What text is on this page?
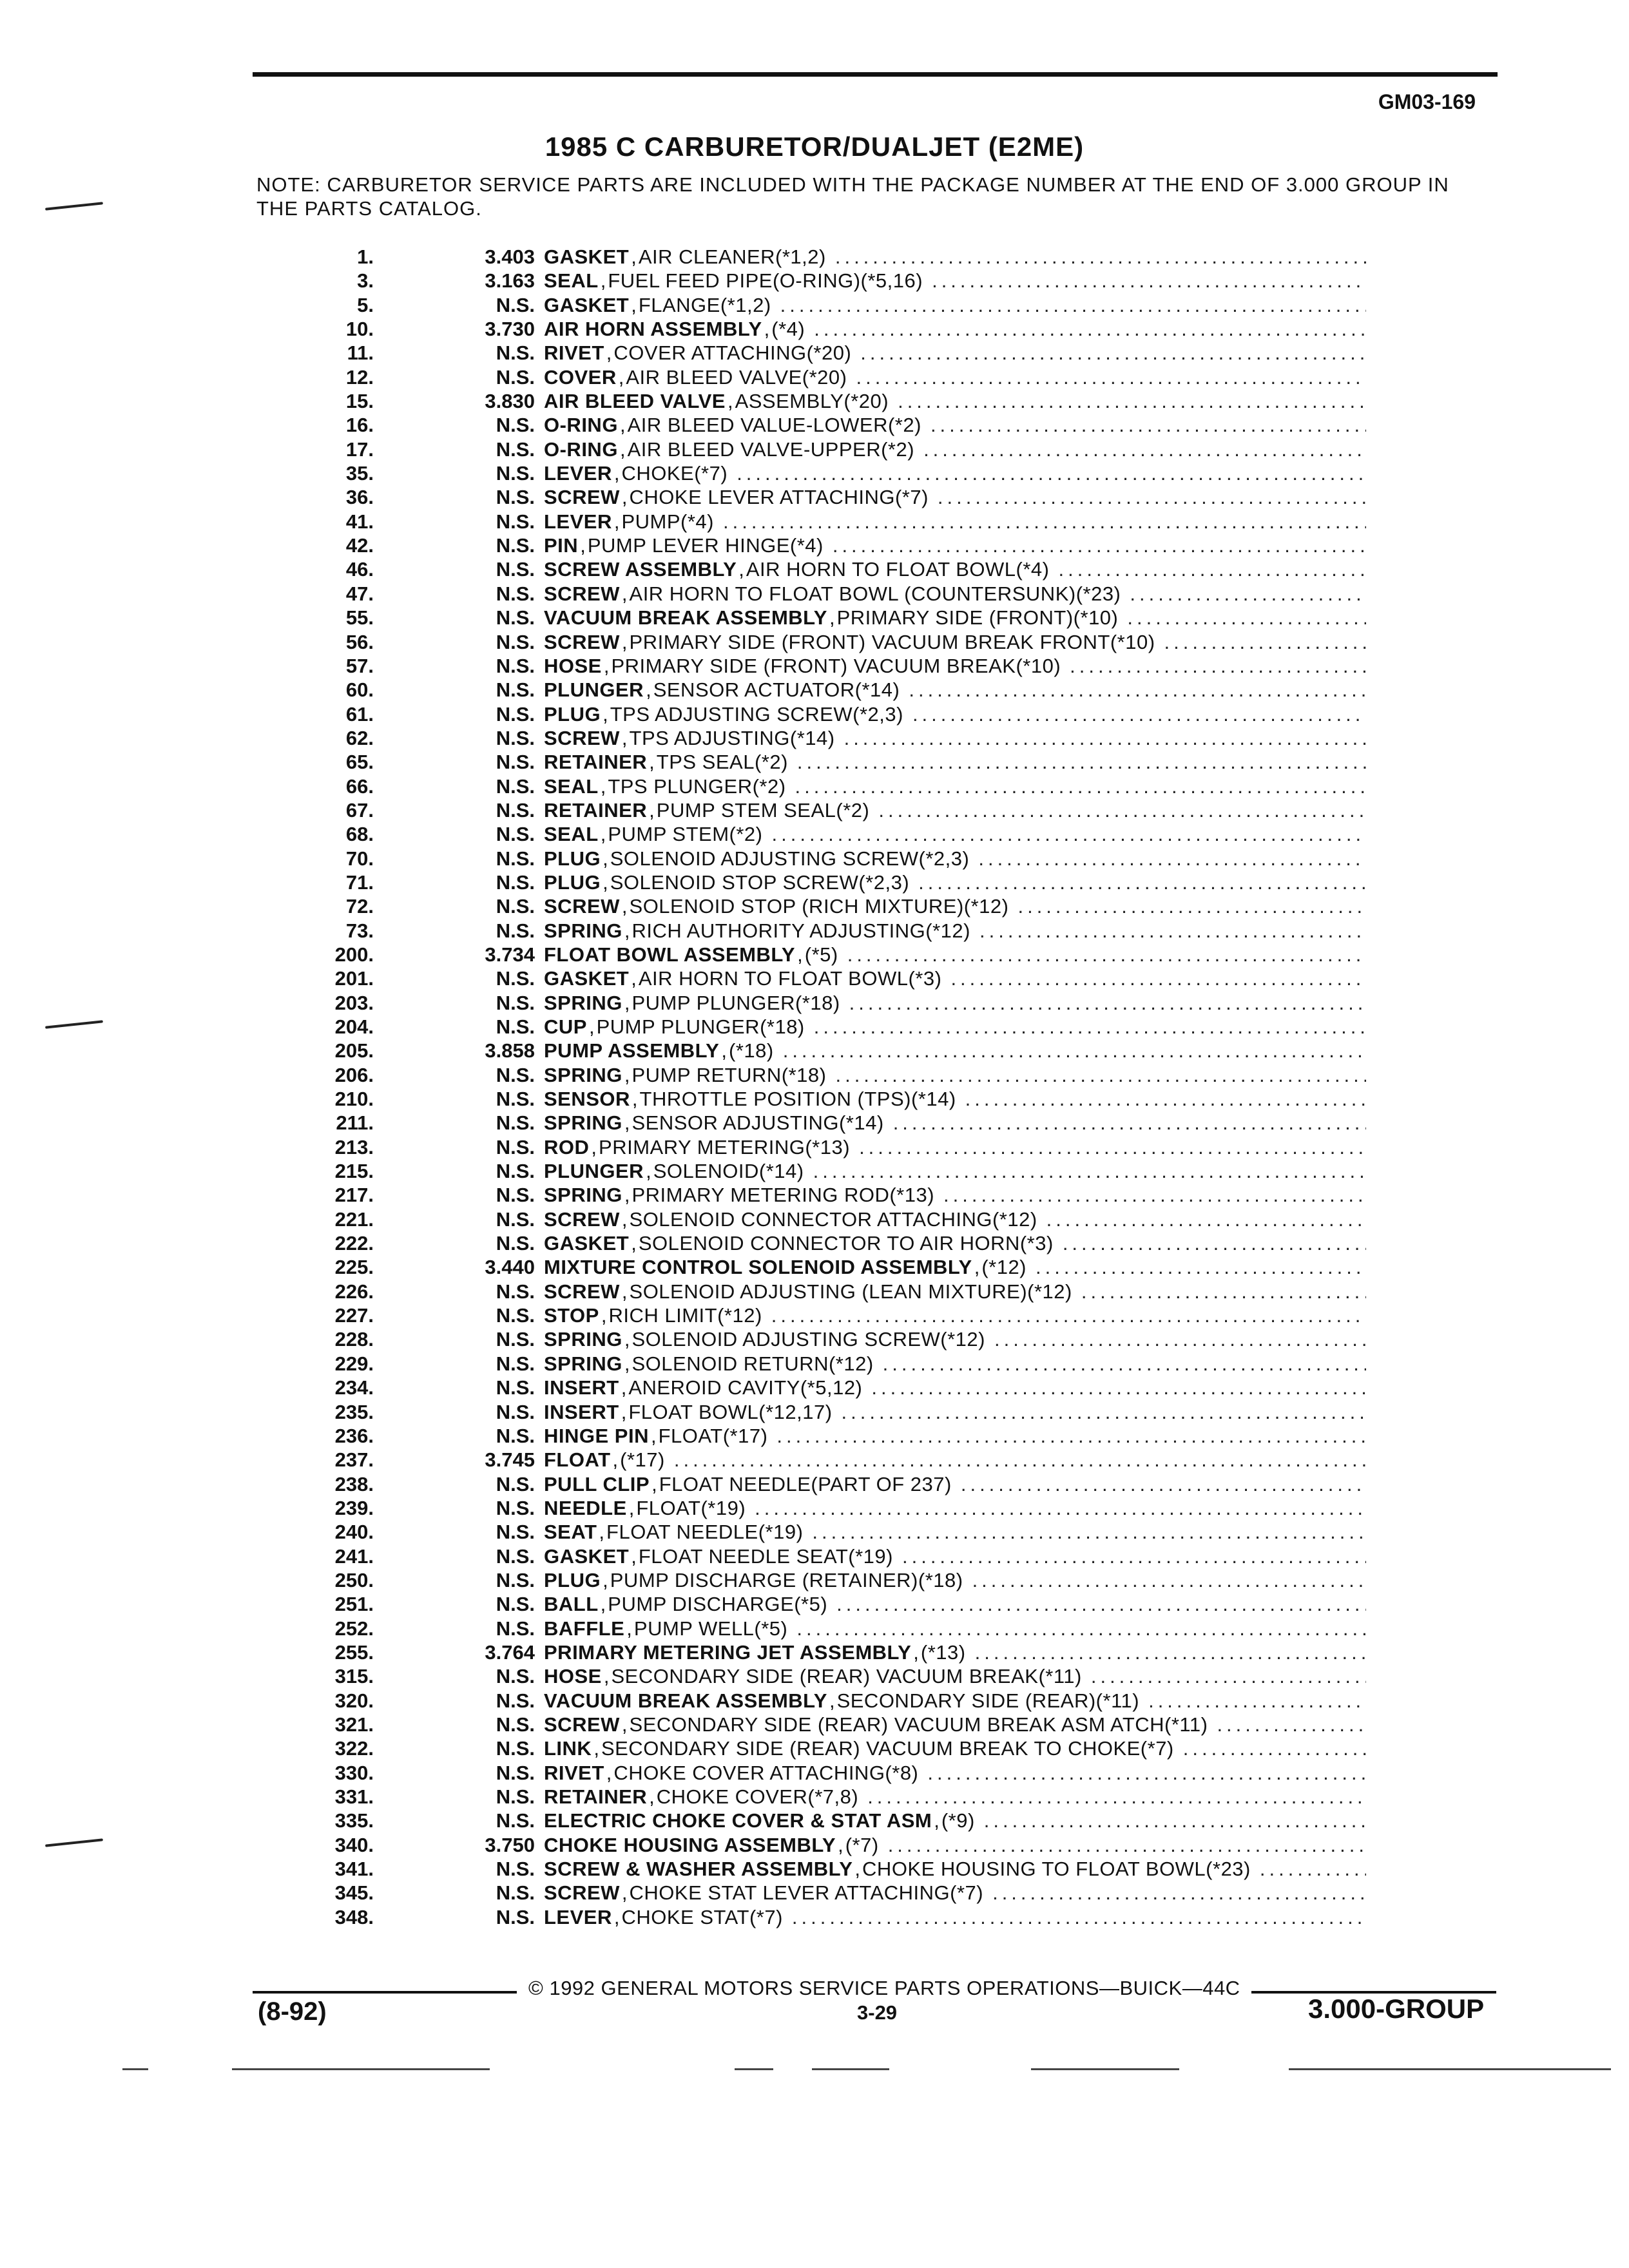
GM03-169
1985 C CARBURETOR/DUALJET (E2ME)
NOTE: CARBURETOR SERVICE PARTS ARE INCLUDED WITH THE PACKAGE NUMBER AT THE END OF 3.000 GROUP IN THE PARTS CATALOG.
1.	3.403 GASKET , AIR CLEANER(*1,2)
.....
3.	3.163 SEAL , FUEL FEED PIPE(O-RING)(*5,16)
.....
5.	N.S. GASKET , FLANGE(*1,2)
.....
10.	3.730 AIR HORN ASSEMBLY , (*4)
.....
11.	N.S. RIVET , COVER ATTACHING(*20)
.....
12.	N.S. COVER , AIR BLEED VALVE(*20)
.....
15.	3.830 AIR BLEED VALVE , ASSEMBLY(*20)
.....
16.	N.S. O-RING , AIR BLEED VALUE-LOWER(*2)
.....
17.	N.S. O-RING , AIR BLEED VALVE-UPPER(*2)
.....
35.	N.S. LEVER , CHOKE(*7)
.....
36.	N.S. SCREW , CHOKE LEVER ATTACHING(*7)
.....
41.	N.S. LEVER , PUMP(*4)
.....
42.	N.S. PIN , PUMP LEVER HINGE(*4)
.....
46.	N.S. SCREW ASSEMBLY , AIR HORN TO FLOAT BOWL(*4)
.....
47.	N.S. SCREW , AIR HORN TO FLOAT BOWL (COUNTERSUNK)(*23)
.....
55.	N.S. VACUUM BREAK ASSEMBLY , PRIMARY SIDE (FRONT)(*10)
.....
56.	N.S. SCREW , PRIMARY SIDE (FRONT) VACUUM BREAK FRONT(*10)
.....
57.	N.S. HOSE , PRIMARY SIDE (FRONT) VACUUM BREAK(*10)
.....
60.	N.S. PLUNGER , SENSOR ACTUATOR(*14)
.....
61.	N.S. PLUG , TPS ADJUSTING SCREW(*2,3)
.....
62.	N.S. SCREW , TPS ADJUSTING(*14)
.....
65.	N.S. RETAINER , TPS SEAL(*2)
.....
66.	N.S. SEAL , TPS PLUNGER(*2)
.....
67.	N.S. RETAINER , PUMP STEM SEAL(*2)
.....
68.	N.S. SEAL , PUMP STEM(*2)
.....
70.	N.S. PLUG , SOLENOID ADJUSTING SCREW(*2,3)
.....
71.	N.S. PLUG , SOLENOID STOP SCREW(*2,3)
.....
72.	N.S. SCREW , SOLENOID STOP (RICH MIXTURE)(*12)
.....
73.	N.S. SPRING , RICH AUTHORITY ADJUSTING(*12)
.....
200.	3.734 FLOAT BOWL ASSEMBLY , (*5)
.....
201.	N.S. GASKET , AIR HORN TO FLOAT BOWL(*3)
.....
203.	N.S. SPRING , PUMP PLUNGER(*18)
.....
204.	N.S. CUP , PUMP PLUNGER(*18)
.....
205.	3.858 PUMP ASSEMBLY , (*18)
.....
206.	N.S. SPRING , PUMP RETURN(*18)
.....
210.	N.S. SENSOR , THROTTLE POSITION (TPS)(*14)
.....
211.	N.S. SPRING , SENSOR ADJUSTING(*14)
.....
213.	N.S. ROD , PRIMARY METERING(*13)
.....
215.	N.S. PLUNGER , SOLENOID(*14)
.....
217.	N.S. SPRING , PRIMARY METERING ROD(*13)
.....
221.	N.S. SCREW , SOLENOID CONNECTOR ATTACHING(*12)
.....
222.	N.S. GASKET , SOLENOID CONNECTOR TO AIR HORN(*3)
.....
225.	3.440 MIXTURE CONTROL SOLENOID ASSEMBLY , (*12)
.....
226.	N.S. SCREW , SOLENOID ADJUSTING (LEAN MIXTURE)(*12)
.....
227.	N.S. STOP , RICH LIMIT(*12)
.....
228.	N.S. SPRING , SOLENOID ADJUSTING SCREW(*12)
.....
229.	N.S. SPRING , SOLENOID RETURN(*12)
.....
234.	N.S. INSERT , ANEROID CAVITY(*5,12)
.....
235.	N.S. INSERT , FLOAT BOWL(*12,17)
.....
236.	N.S. HINGE PIN , FLOAT(*17)
.....
237.	3.745 FLOAT , (*17)
.....
238.	N.S. PULL CLIP , FLOAT NEEDLE(PART OF 237)
.....
239.	N.S. NEEDLE , FLOAT(*19)
.....
240.	N.S. SEAT , FLOAT NEEDLE(*19)
.....
241.	N.S. GASKET , FLOAT NEEDLE SEAT(*19)
.....
250.	N.S. PLUG , PUMP DISCHARGE (RETAINER)(*18)
.....
251.	N.S. BALL , PUMP DISCHARGE(*5)
.....
252.	N.S. BAFFLE , PUMP WELL(*5)
.....
255.	3.764 PRIMARY METERING JET ASSEMBLY , (*13)
.....
315.	N.S. HOSE , SECONDARY SIDE (REAR) VACUUM BREAK(*11)
.....
320.	N.S. VACUUM BREAK ASSEMBLY , SECONDARY SIDE (REAR)(*11)
.....
321.	N.S. SCREW , SECONDARY SIDE (REAR) VACUUM BREAK ASM ATCH(*11)
.....
322.	N.S. LINK , SECONDARY SIDE (REAR) VACUUM BREAK TO CHOKE(*7)
.....
330.	N.S. RIVET , CHOKE COVER ATTACHING(*8)
.....
331.	N.S. RETAINER , CHOKE COVER(*7,8)
.....
335.	N.S. ELECTRIC CHOKE COVER & STAT ASM , (*9)
.....
340.	3.750 CHOKE HOUSING ASSEMBLY , (*7)
.....
341.	N.S. SCREW & WASHER ASSEMBLY , CHOKE HOUSING TO FLOAT BOWL(*23)
.....
345.	N.S. SCREW , CHOKE STAT LEVER ATTACHING(*7)
.....
348.	N.S. LEVER , CHOKE STAT(*7)
.....
© 1992 GENERAL MOTORS SERVICE PARTS OPERATIONS—BUICK—44C
(8-92)	3-29	3.000-GROUP
